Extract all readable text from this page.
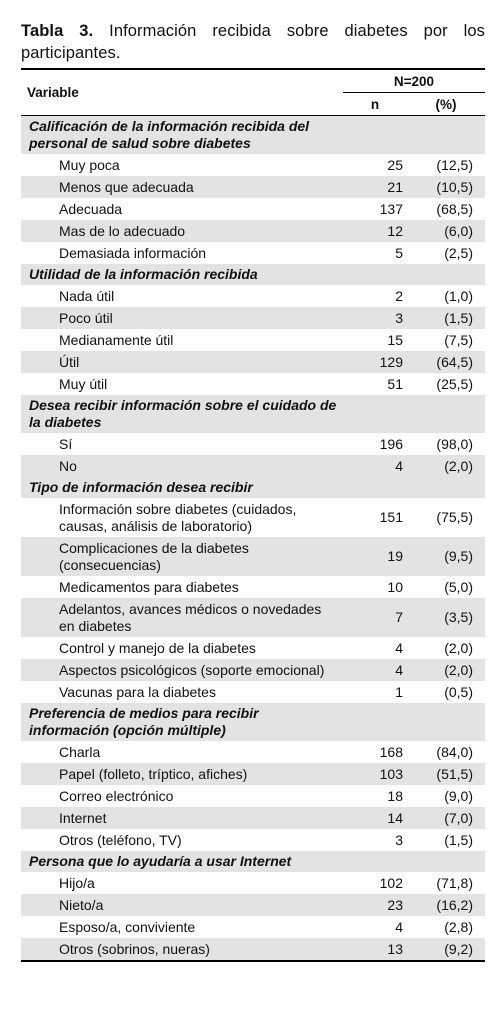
Tabla 3. Información recibida sobre diabetes por los participantes.

Variable	N=200	
	n	(%)
Calificación de la información recibida del personal de salud sobre diabetes		
Muy poca	25	(12,5)
Menos que adecuada	21	(10,5)
Adecuada	137	(68,5)
Mas de lo adecuado	12	(6,0)
Demasiada información	5	(2,5)
Utilidad de la información recibida		
Nada útil	2	(1,0)
Poco útil	3	(1,5)
Medianamente útil	15	(7,5)
Útil	129	(64,5)
Muy útil	51	(25,5)
Desea recibir información sobre el cuidado de la diabetes		
Sí	196	(98,0)
No	4	(2,0)
Tipo de información desea recibir		
Información sobre diabetes (cuidados, causas, análisis de laboratorio)	151	(75,5)
Complicaciones de la diabetes (consecuencias)	19	(9,5)
Medicamentos para diabetes	10	(5,0)
Adelantos, avances médicos o novedades en diabetes	7	(3,5)
Control y manejo de la diabetes	4	(2,0)
Aspectos psicológicos (soporte emocional)	4	(2,0)
Vacunas para la diabetes	1	(0,5)
Preferencia de medios para recibir información (opción múltiple)		
Charla	168	(84,0)
Papel (folleto, tríptico, afiches)	103	(51,5)
Correo electrónico	18	(9,0)
Internet	14	(7,0)
Otros (teléfono, TV)	3	(1,5)
Persona que lo ayudaría a usar Internet		
Hijo/a	102	(71,8)
Nieto/a	23	(16,2)
Esposo/a, conviviente	4	(2,8)
Otros (sobrinos, nueras)	13	(9,2)
